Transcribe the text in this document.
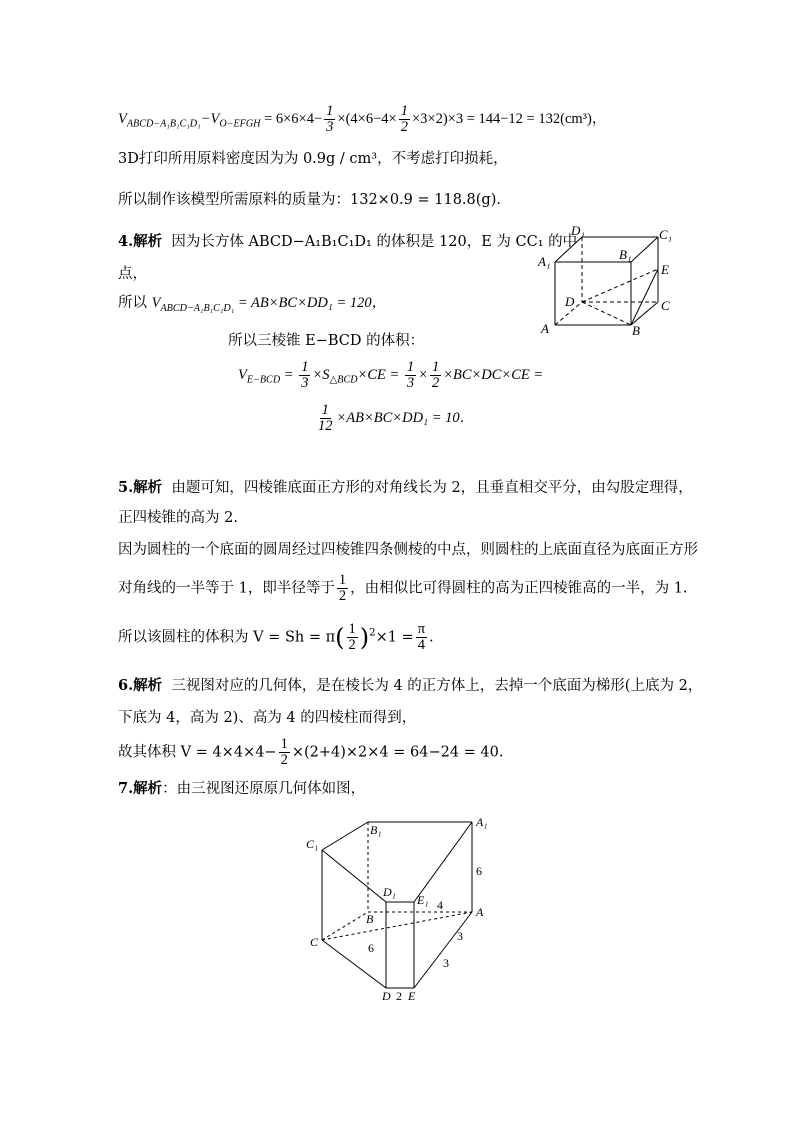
$V_{ABCD-A_1B_1C_1D_1}-V_{O-EFGH} = 6\times 6\times 4- \frac{1}{3} \times(4\times 6-4\times \frac{1}{2} \times 3\times 2)\times 3 = 144-12 = 132(cm^3)$，
3D打印所用原料密度因为为 0.9g / cm³，不考虑打印损耗，
所以制作该模型所需原料的质量为：132×0.9 = 118.8(g)．
4.解析 因为长方体 ABCD−A₁B₁C₁D₁ 的体积是 120，E 为 CC₁ 的中
点，
所以 $V_{ABCD-A_1B_1C_1D_1} = AB\times BC\times DD_1 = 120$，
所以三棱锥 E−BCD 的体积：
$V_{E-BCD} = \frac{1}{3} \times S_{\triangle BCD}\times CE = \frac{1}{3} \times \frac{1}{2} \times BC\times DC\times CE$ =
$\frac{1}{12} \times AB\times BC\times DD_1 = 10$．
D₁	C₁
B₁
A₁
E
D	C
A	B
5.解析 由题可知，四棱锥底面正方形的对角线长为 2，且垂直相交平分，由勾股定理得，
正四棱锥的高为 2.
因为圆柱的一个底面的圆周经过四棱锥四条侧棱的中点，则圆柱的上底面直径为底面正方形
对角线的一半等于 1，即半径等于 $\frac{1}{2}$ ，由相似比可得圆柱的高为正四棱锥高的一半，为 1.
所以该圆柱的体积为 $V = Sh = \pi( \frac{1}{2} )^2\times 1 = \frac{\pi}{4}$ .
6.解析 三视图对应的几何体，是在棱长为 4 的正方体上，去掉一个底面为梯形(上底为 2，
下底为 4，高为 2)、高为 4 的四棱柱而得到，
故其体积 $V = 4\times 4\times 4- \frac{1}{2} \times(2+4)\times 2\times 4 = 64-24 = 40$.
7.解析：由三视图还原原几何体如图，
C₁
B₁
A₁
D₁
E₁ 4
6
B	A
C	6
3
3
D 2 E
